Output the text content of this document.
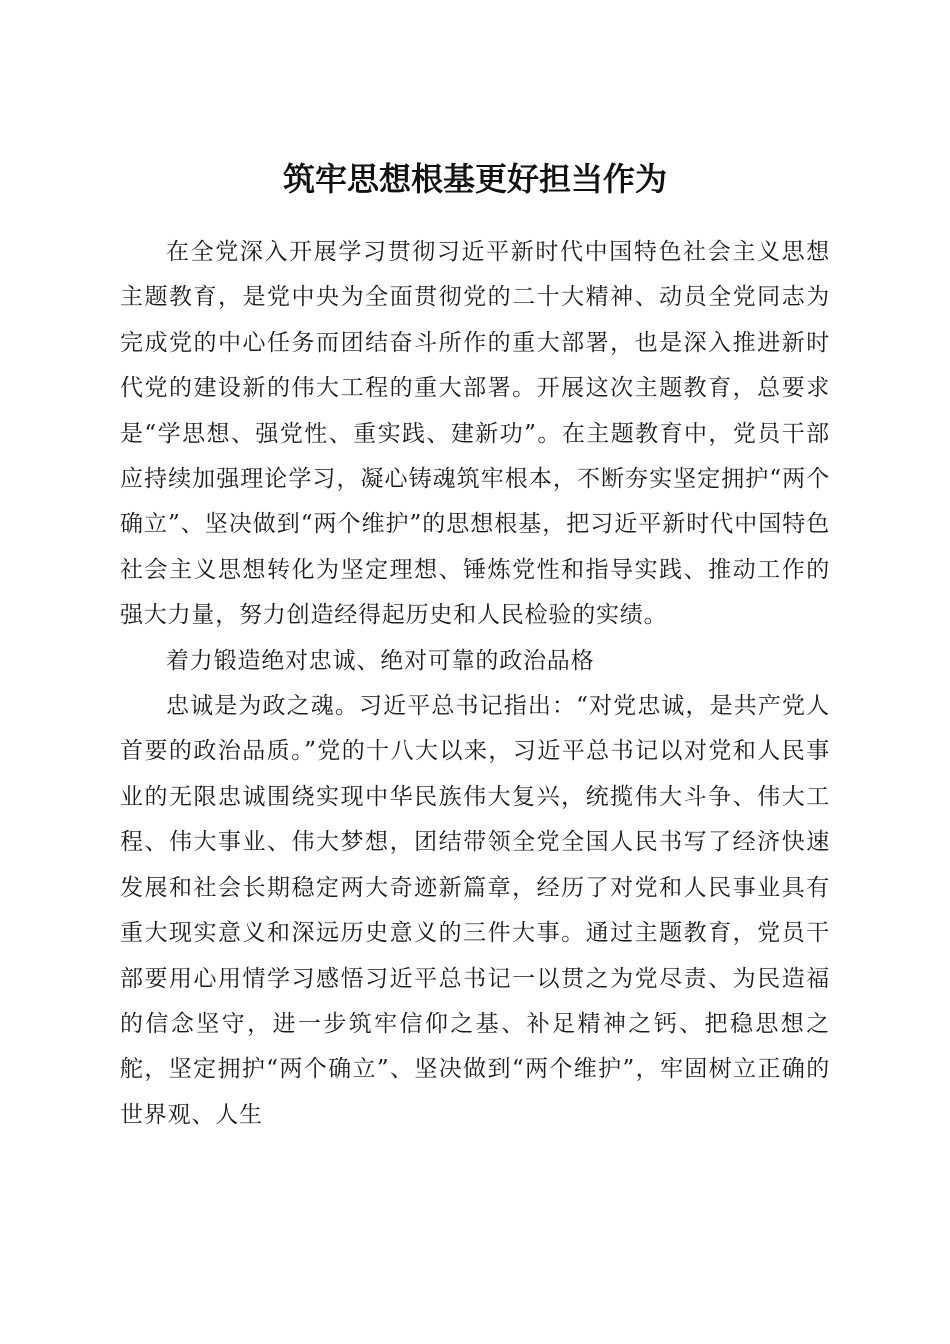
筑牢思想根基更好担当作为

在全党深入开展学习贯彻习近平新时代中国特色社会主义思想主题教育，是党中央为全面贯彻党的二十大精神、动员全党同志为完成党的中心任务而团结奋斗所作的重大部署，也是深入推进新时代党的建设新的伟大工程的重大部署。开展这次主题教育，总要求是“学思想、强党性、重实践、建新功”。在主题教育中，党员干部应持续加强理论学习，凝心铸魂筑牢根本，不断夯实坚定拥护“两个确立”、坚决做到“两个维护”的思想根基，把习近平新时代中国特色社会主义思想转化为坚定理想、锤炼党性和指导实践、推动工作的强大力量，努力创造经得起历史和人民检验的实绩。

着力锻造绝对忠诚、绝对可靠的政治品格

忠诚是为政之魂。习近平总书记指出：“对党忠诚，是共产党人首要的政治品质。”党的十八大以来，习近平总书记以对党和人民事业的无限忠诚围绕实现中华民族伟大复兴，统揽伟大斗争、伟大工程、伟大事业、伟大梦想，团结带领全党全国人民书写了经济快速发展和社会长期稳定两大奇迹新篇章，经历了对党和人民事业具有重大现实意义和深远历史意义的三件大事。通过主题教育，党员干部要用心用情学习感悟习近平总书记一以贯之为党尽责、为民造福的信念坚守，进一步筑牢信仰之基、补足精神之钙、把稳思想之舵，坚定拥护“两个确立”、坚决做到“两个维护”，牢固树立正确的世界观、人生
